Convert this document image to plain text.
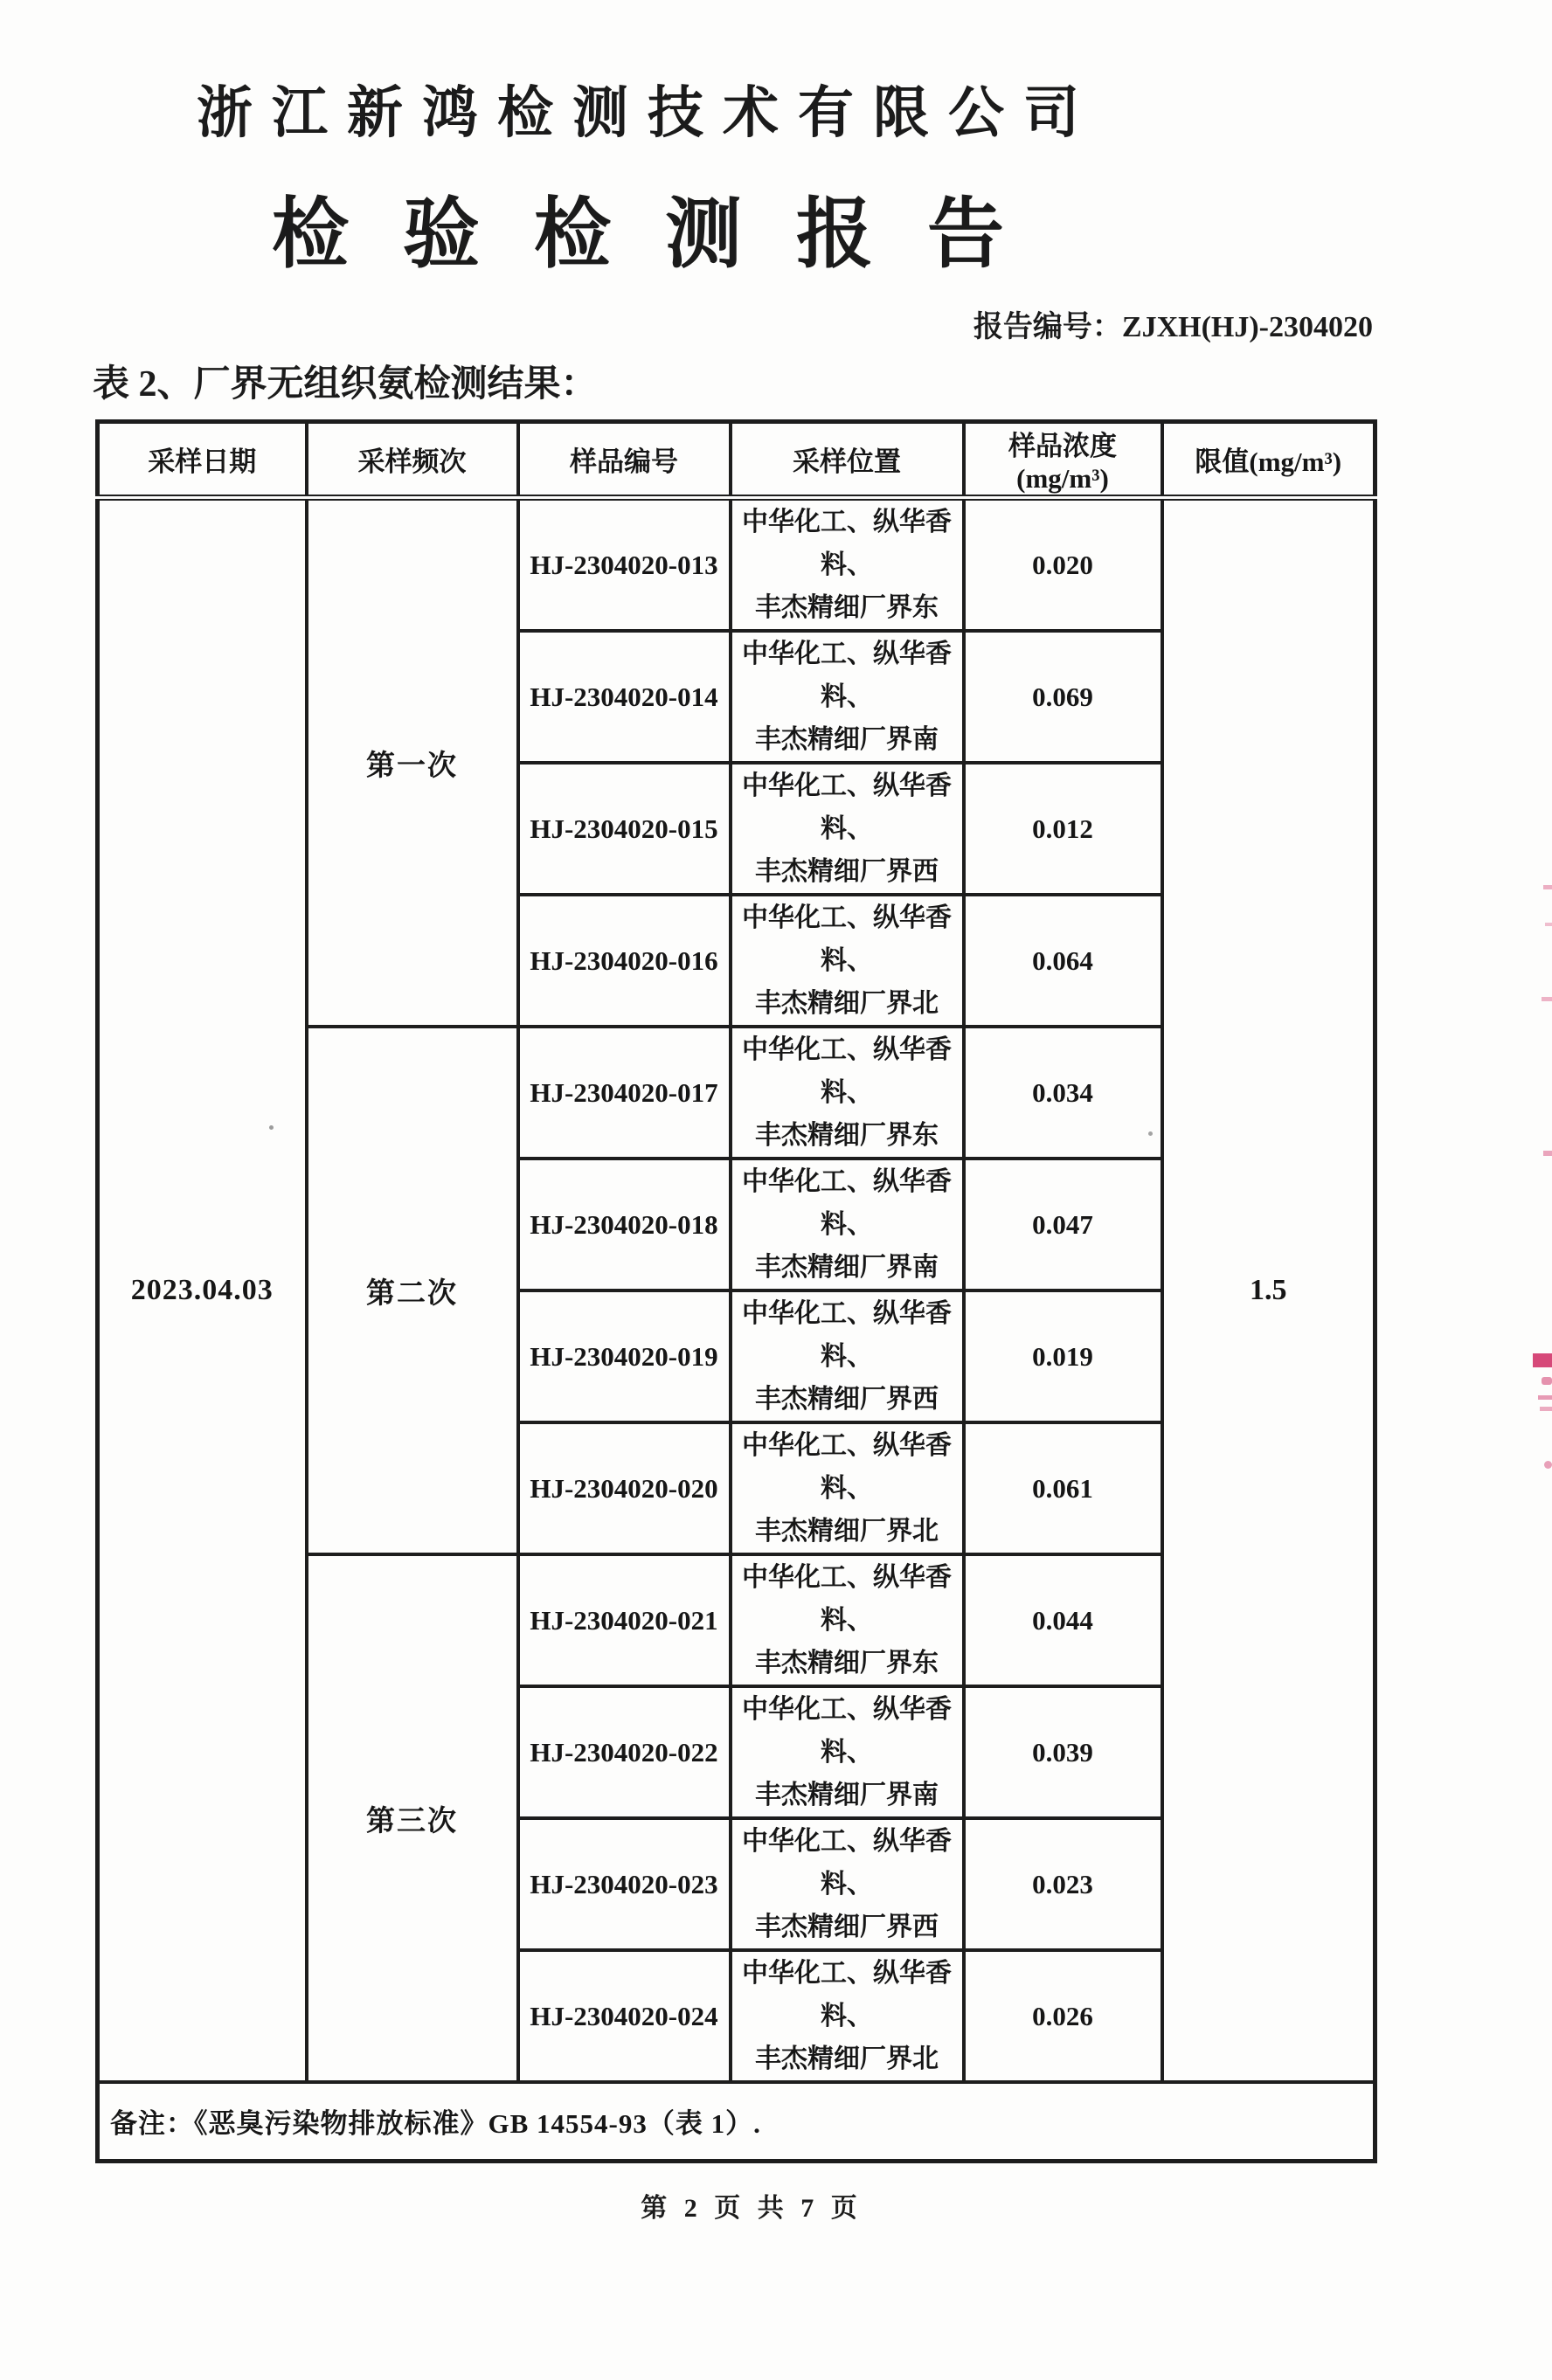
浙江新鸿检测技术有限公司
检验检测报告
报告编号：ZJXH(HJ)-2304020
表 2、厂界无组织氨检测结果：
采样日期	采样频次	样品编号	采样位置	样品浓度(mg/m³)	限值(mg/m³)
2023.04.03	第一次	HJ-2304020-013	中华化工、纵华香料、
丰杰精细厂界东	0.020	1.5
		HJ-2304020-014	中华化工、纵华香料、
丰杰精细厂界南	0.069	
		HJ-2304020-015	中华化工、纵华香料、
丰杰精细厂界西	0.012	
		HJ-2304020-016	中华化工、纵华香料、
丰杰精细厂界北	0.064	
	第二次	HJ-2304020-017	中华化工、纵华香料、
丰杰精细厂界东	0.034	
		HJ-2304020-018	中华化工、纵华香料、
丰杰精细厂界南	0.047	
		HJ-2304020-019	中华化工、纵华香料、
丰杰精细厂界西	0.019	
		HJ-2304020-020	中华化工、纵华香料、
丰杰精细厂界北	0.061	
	第三次	HJ-2304020-021	中华化工、纵华香料、
丰杰精细厂界东	0.044	
		HJ-2304020-022	中华化工、纵华香料、
丰杰精细厂界南	0.039	
		HJ-2304020-023	中华化工、纵华香料、
丰杰精细厂界西	0.023	
		HJ-2304020-024	中华化工、纵华香料、
丰杰精细厂界北	0.026	
备注：《恶臭污染物排放标准》GB 14554-93（表 1）.					
第 2 页 共 7 页
